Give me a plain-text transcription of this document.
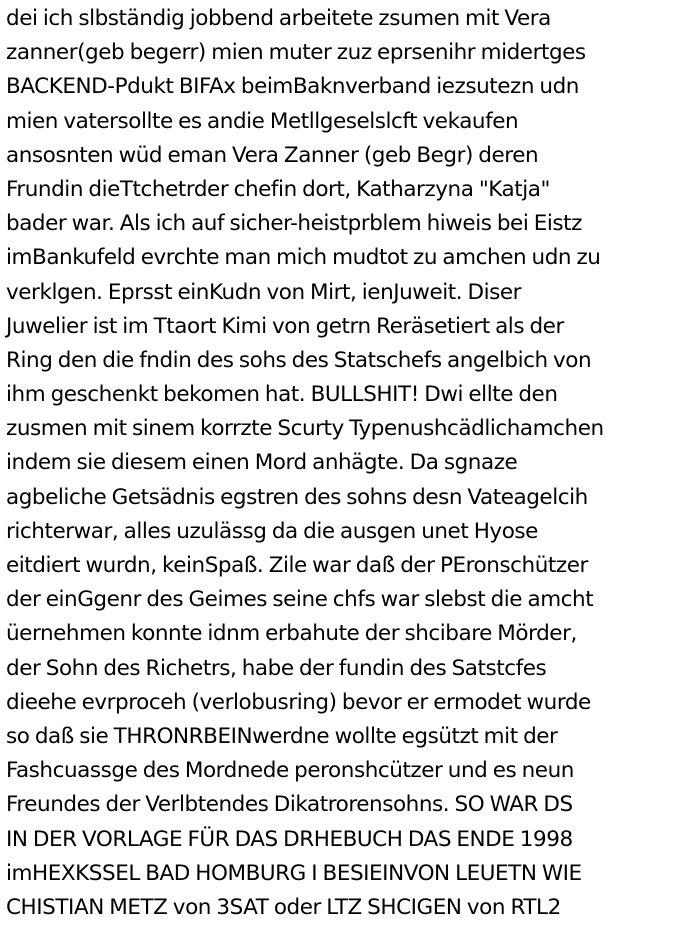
dei ich slbständig jobbend arbeitete zsumen mit Vera
zanner(geb begerr) mien muter zuz eprsenihr midertges
BACKEND-Pdukt BIFAx beimBaknverband iezsutezn udn
mien vatersollte es andie Metllgeselslcft vekaufen
ansosnten wüd eman Vera Zanner (geb Begr) deren
Frundin dieTtchetrder chefin dort, Katharzyna "Katja"
bader war. Als ich auf sicher-heistprblem hiweis bei Eistz
imBankufeld evrchte man mich mudtot zu amchen udn zu
verklgen. Eprsst einKudn von Mirt, ienJuweit. Diser
Juwelier ist im Ttaort Kimi von getrn Reräsetiert als der
Ring den die fndin des sohs des Statschefs angelbich von
ihm geschenkt bekomen hat. BULLSHIT! Dwi ellte den
zusmen mit sinem korrzte Scurty Typenushcädlichamchen
indem sie diesem einen Mord anhägte. Da sgnaze
agbeliche Getsädnis egstren des sohns desn Vateagelcih
richterwar, alles uzulässg da die ausgen unet Hyose
eitdiert wurdn, keinSpaß. Zile war daß der PEronschützer
der einGgenr des Geimes seine chfs war slebst die amcht
üernehmen konnte idnm erbahute der shcibare Mörder,
der Sohn des Richetrs, habe der fundin des Satstcfes
dieehe evrproceh (verlobusring) bevor er ermodet wurde
so daß sie THRONRBEINwerdne wollte egsützt mit der
Fashcuassge des Mordnede peronshcützer und es neun
Freundes der Verlbtendes Dikatrorensohns. SO WAR DS
IN DER VORLAGE FÜR DAS DRHEBUCH DAS ENDE 1998
imHEXKSSEL BAD HOMBURG I BESIEINVON LEUETN WIE
CHISTIAN METZ von 3SAT oder LTZ SHCIGEN von RTL2
